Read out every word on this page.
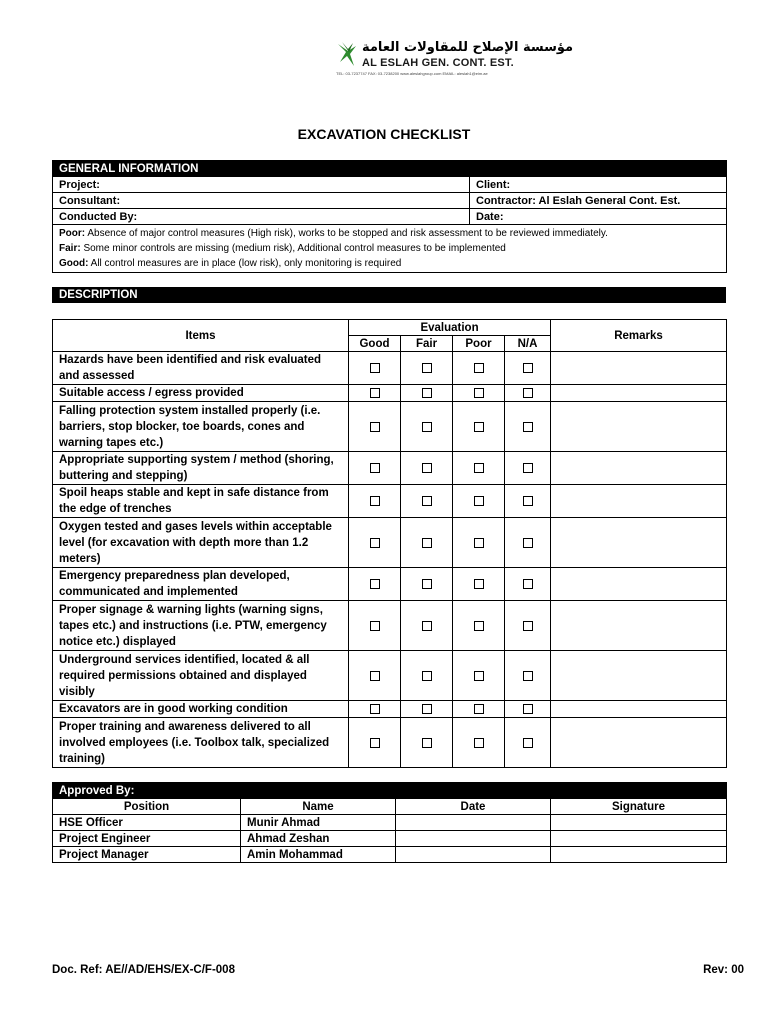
مؤسسة الإصلاح للمقاولات العامة
AL ESLAH GEN. CONT. EST.
TEL: 03-7237747 FAX: 03-7238200 www.aleslahgroup.com EMAIL: aleslah1@eim.ae
EXCAVATION CHECKLIST
GENERAL INFORMATION	
Project:	Client:
Consultant:	Contractor: Al Eslah General Cont. Est.
Conducted By:	Date:

Poor: Absence of major control measures (High risk), works to be stopped and risk assessment to be reviewed immediately.
Fair: Some minor controls are missing (medium risk), Additional control measures to be implemented
Good: All control measures are in place (low risk), only monitoring is required	
DESCRIPTION
Items	Evaluation				Remarks
	Good	Fair	Poor	N/A	
Hazards have been identified and risk evaluated and assessed					
Suitable access / egress provided					
Falling protection system installed properly (i.e. barriers, stop blocker, toe boards, cones and warning tapes etc.)					
Appropriate supporting system / method (shoring, buttering and stepping)					
Spoil heaps stable and kept in safe distance from the edge of trenches					
Oxygen tested and gases levels within acceptable level (for excavation with depth more than 1.2 meters)					
Emergency preparedness plan developed, communicated and implemented					
Proper signage & warning lights (warning signs, tapes etc.) and instructions (i.e. PTW, emergency notice etc.) displayed					
Underground services identified, located & all required permissions obtained and displayed visibly					
Excavators are in good working condition					
Proper training and awareness delivered to all involved employees (i.e. Toolbox talk, specialized training)					
Approved By:			
Position	Name	Date	Signature
HSE Officer	Munir Ahmad		
Project Engineer	Ahmad Zeshan		
Project Manager	Amin Mohammad		
Doc. Ref: AE//AD/EHS/EX-C/F-008	Rev: 00
